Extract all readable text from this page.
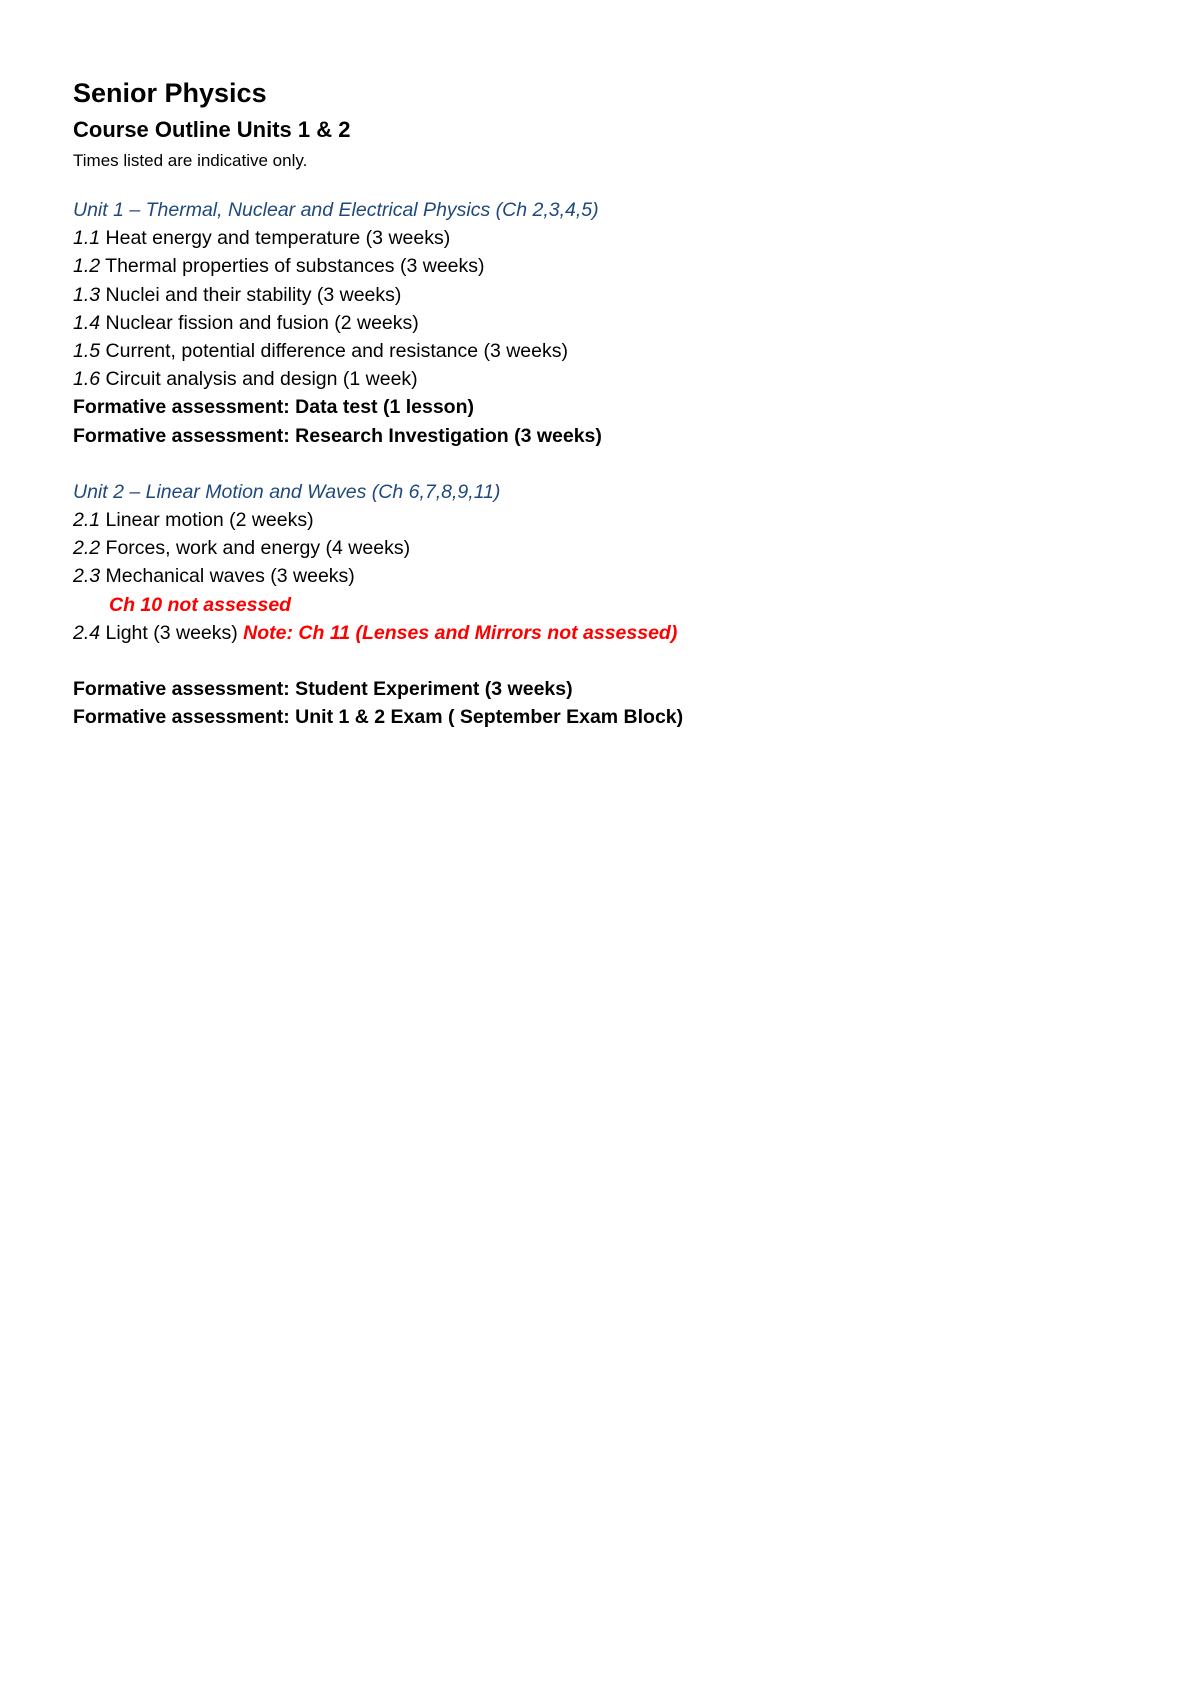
Senior Physics
Course Outline Units 1 & 2

Times listed are indicative only.

Unit 1 – Thermal, Nuclear and Electrical Physics (Ch 2,3,4,5)

1.1 Heat energy and temperature (3 weeks)

1.2 Thermal properties of substances (3 weeks)

1.3 Nuclei and their stability (3 weeks)

1.4 Nuclear fission and fusion (2 weeks)

1.5 Current, potential difference and resistance (3 weeks)

1.6 Circuit analysis and design (1 week)

Formative assessment: Data test (1 lesson)

Formative assessment: Research Investigation (3 weeks)

Unit 2 – Linear Motion and Waves (Ch 6,7,8,9,11)

2.1 Linear motion (2 weeks)

2.2 Forces, work and energy (4 weeks)

2.3 Mechanical waves (3 weeks)

Ch 10 not assessed

2.4 Light (3 weeks) Note: Ch 11 (Lenses and Mirrors not assessed)

Formative assessment: Student Experiment (3 weeks)

Formative assessment: Unit 1 & 2 Exam ( September Exam Block)
